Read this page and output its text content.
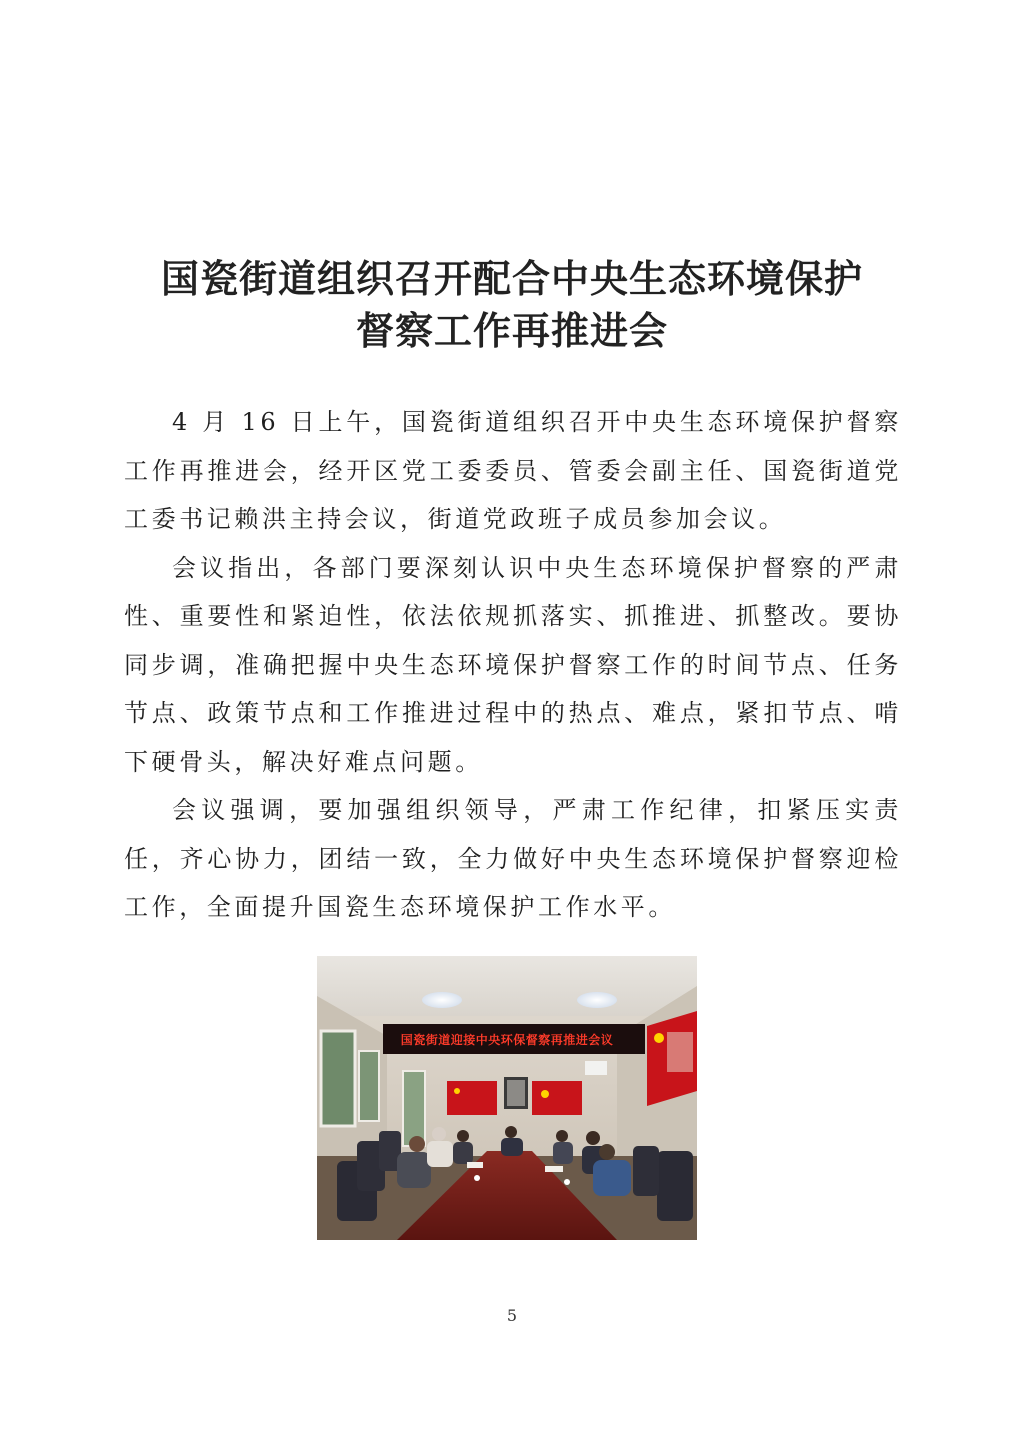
国瓷街道组织召开配合中央生态环境保护
督察工作再推进会

4 月 16 日上午，国瓷街道组织召开中央生态环境保护督察工作再推进会，经开区党工委委员、管委会副主任、国瓷街道党工委书记赖洪主持会议，街道党政班子成员参加会议。

会议指出，各部门要深刻认识中央生态环境保护督察的严肃性、重要性和紧迫性，依法依规抓落实、抓推进、抓整改。要协同步调，准确把握中央生态环境保护督察工作的时间节点、任务节点、政策节点和工作推进过程中的热点、难点，紧扣节点、啃下硬骨头，解决好难点问题。

会议强调，要加强组织领导，严肃工作纪律，扣紧压实责任，齐心协力，团结一致，全力做好中央生态环境保护督察迎检工作，全面提升国瓷生态环境保护工作水平。

国瓷街道迎接中央环保督察再推进会议
5
